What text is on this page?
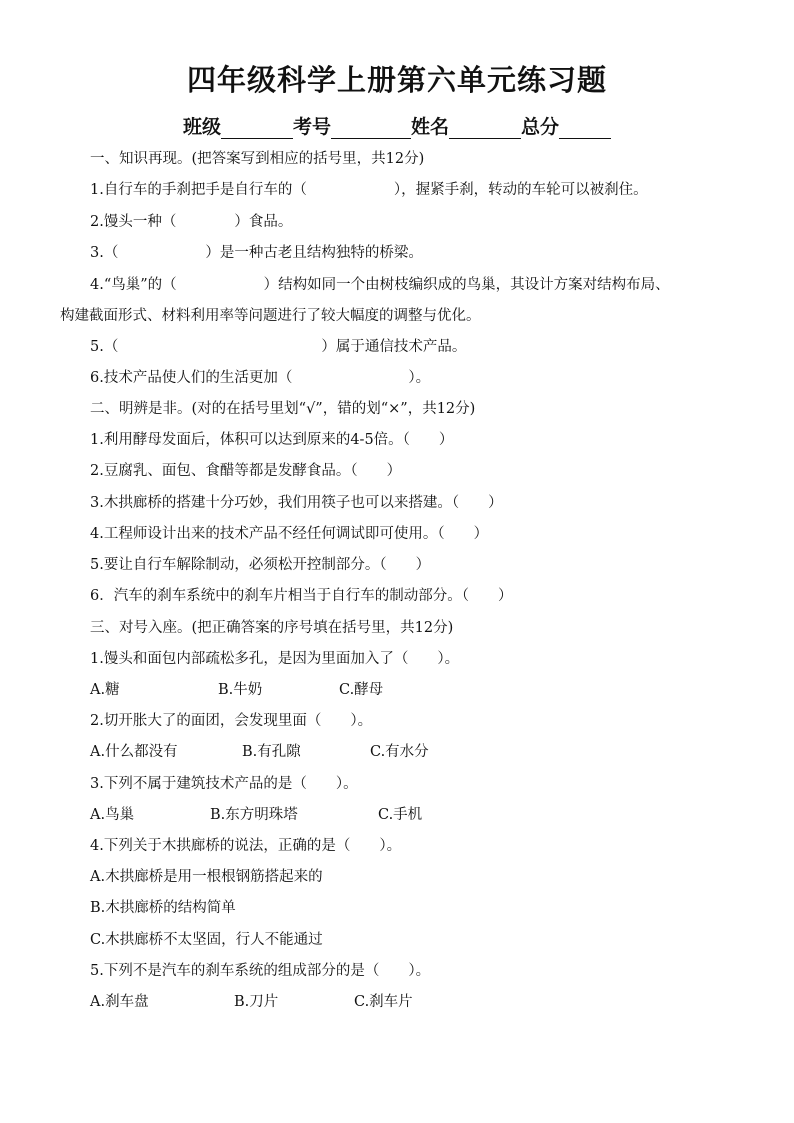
四年级科学上册第六单元练习题
班级	考号	姓名	总分
一、知识再现。(把答案写到相应的括号里，共12分)
1.自行车的手刹把手是自行车的（　　　　　　），握紧手刹，转动的车轮可以被刹住。
2.馒头一种（　　　　）食品。
3.（　　　　　　）是一种古老且结构独特的桥梁。
4.“鸟巢”的（　　　　　　）结构如同一个由树枝编织成的鸟巢，其设计方案对结构布局、
构建截面形式、材料利用率等问题进行了较大幅度的调整与优化。
5.（　　　　　　　　　　　　　　）属于通信技术产品。
6.技术产品使人们的生活更加（　　　　　　　　）。
二、明辨是非。(对的在括号里划“√”，错的划“×”，共12分)
1.利用酵母发面后，体积可以达到原来的4-5倍。（　　）
2.豆腐乳、面包、食醋等都是发酵食品。（　　）
3.木拱廊桥的搭建十分巧妙，我们用筷子也可以来搭建。（　　）
4.工程师设计出来的技术产品不经任何调试即可使用。（　　）
5.要让自行车解除制动，必须松开控制部分。（　　）
6．汽车的刹车系统中的刹车片相当于自行车的制动部分。（　　）
三、对号入座。(把正确答案的序号填在括号里，共12分)
1.馒头和面包内部疏松多孔，是因为里面加入了（　　）。
A.糖	B.牛奶	C.酵母
2.切开胀大了的面团，会发现里面（　　）。
A.什么都没有	B.有孔隙	C.有水分
3.下列不属于建筑技术产品的是（　　）。
A.鸟巢	B.东方明珠塔	C.手机
4.下列关于木拱廊桥的说法，正确的是（　　）。
A.木拱廊桥是用一根根钢筋搭起来的
B.木拱廊桥的结构简单
C.木拱廊桥不太坚固，行人不能通过
5.下列不是汽车的刹车系统的组成部分的是（　　）。
A.刹车盘	B.刀片	C.刹车片
